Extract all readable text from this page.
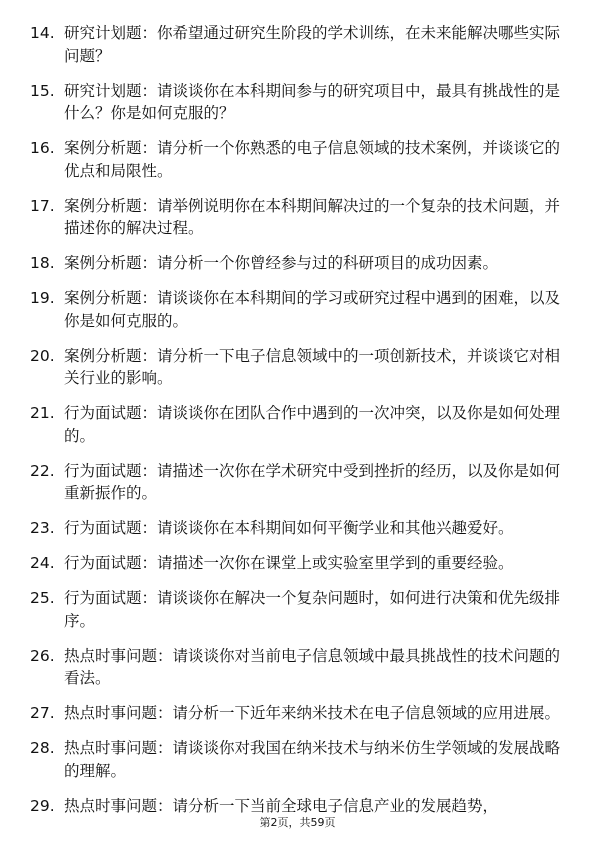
14. 研究计划题：你希望通过研究生阶段的学术训练，在未来能解决哪些实际问题？
15. 研究计划题：请谈谈你在本科期间参与的研究项目中，最具有挑战性的是什么？你是如何克服的？
16. 案例分析题：请分析一个你熟悉的电子信息领域的技术案例，并谈谈它的优点和局限性。
17. 案例分析题：请举例说明你在本科期间解决过的一个复杂的技术问题，并描述你的解决过程。
18. 案例分析题：请分析一个你曾经参与过的科研项目的成功因素。
19. 案例分析题：请谈谈你在本科期间的学习或研究过程中遇到的困难，以及你是如何克服的。
20. 案例分析题：请分析一下电子信息领域中的一项创新技术，并谈谈它对相关行业的影响。
21. 行为面试题：请谈谈你在团队合作中遇到的一次冲突，以及你是如何处理的。
22. 行为面试题：请描述一次你在学术研究中受到挫折的经历，以及你是如何重新振作的。
23. 行为面试题：请谈谈你在本科期间如何平衡学业和其他兴趣爱好。
24. 行为面试题：请描述一次你在课堂上或实验室里学到的重要经验。
25. 行为面试题：请谈谈你在解决一个复杂问题时，如何进行决策和优先级排序。
26. 热点时事问题：请谈谈你对当前电子信息领域中最具挑战性的技术问题的看法。
27. 热点时事问题：请分析一下近年来纳米技术在电子信息领域的应用进展。
28. 热点时事问题：请谈谈你对我国在纳米技术与纳米仿生学领域的发展战略的理解。
29. 热点时事问题：请分析一下当前全球电子信息产业的发展趋势，
第2页，共59页
